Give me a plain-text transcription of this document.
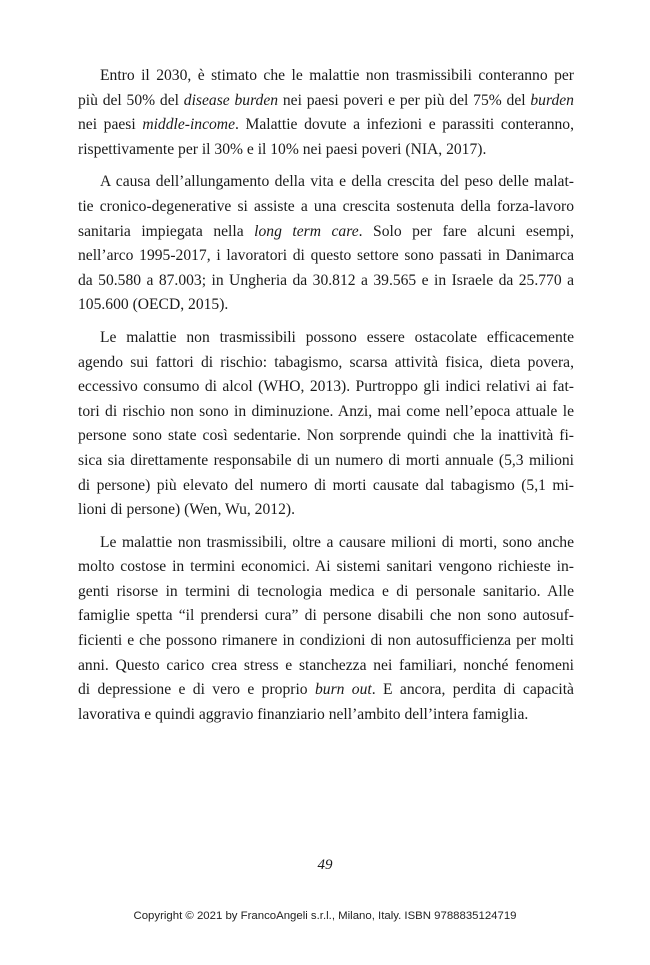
Entro il 2030, è stimato che le malattie non trasmissibili conteranno per
più del 50% del disease burden nei paesi poveri e per più del 75% del burden
nei paesi middle-income. Malattie dovute a infezioni e parassiti conteranno,
rispettivamente per il 30% e il 10% nei paesi poveri (NIA, 2017).

A causa dell’allungamento della vita e della crescita del peso delle malat-
tie cronico-degenerative si assiste a una crescita sostenuta della forza-lavoro
sanitaria impiegata nella long term care. Solo per fare alcuni esempi,
nell’arco 1995-2017, i lavoratori di questo settore sono passati in Danimarca
da 50.580 a 87.003; in Ungheria da 30.812 a 39.565 e in Israele da 25.770 a
105.600 (OECD, 2015).

Le malattie non trasmissibili possono essere ostacolate efficacemente
agendo sui fattori di rischio: tabagismo, scarsa attività fisica, dieta povera,
eccessivo consumo di alcol (WHO, 2013). Purtroppo gli indici relativi ai fat-
tori di rischio non sono in diminuzione. Anzi, mai come nell’epoca attuale le
persone sono state così sedentarie. Non sorprende quindi che la inattività fi-
sica sia direttamente responsabile di un numero di morti annuale (5,3 milioni
di persone) più elevato del numero di morti causate dal tabagismo (5,1 mi-
lioni di persone) (Wen, Wu, 2012).

Le malattie non trasmissibili, oltre a causare milioni di morti, sono anche
molto costose in termini economici. Ai sistemi sanitari vengono richieste in-
genti risorse in termini di tecnologia medica e di personale sanitario. Alle
famiglie spetta “il prendersi cura” di persone disabili che non sono autosuf-
ficienti e che possono rimanere in condizioni di non autosufficienza per molti
anni. Questo carico crea stress e stanchezza nei familiari, nonché fenomeni
di depressione e di vero e proprio burn out. E ancora, perdita di capacità
lavorativa e quindi aggravio finanziario nell’ambito dell’intera famiglia.

49
Copyright © 2021 by FrancoAngeli s.r.l., Milano, Italy. ISBN 9788835124719
